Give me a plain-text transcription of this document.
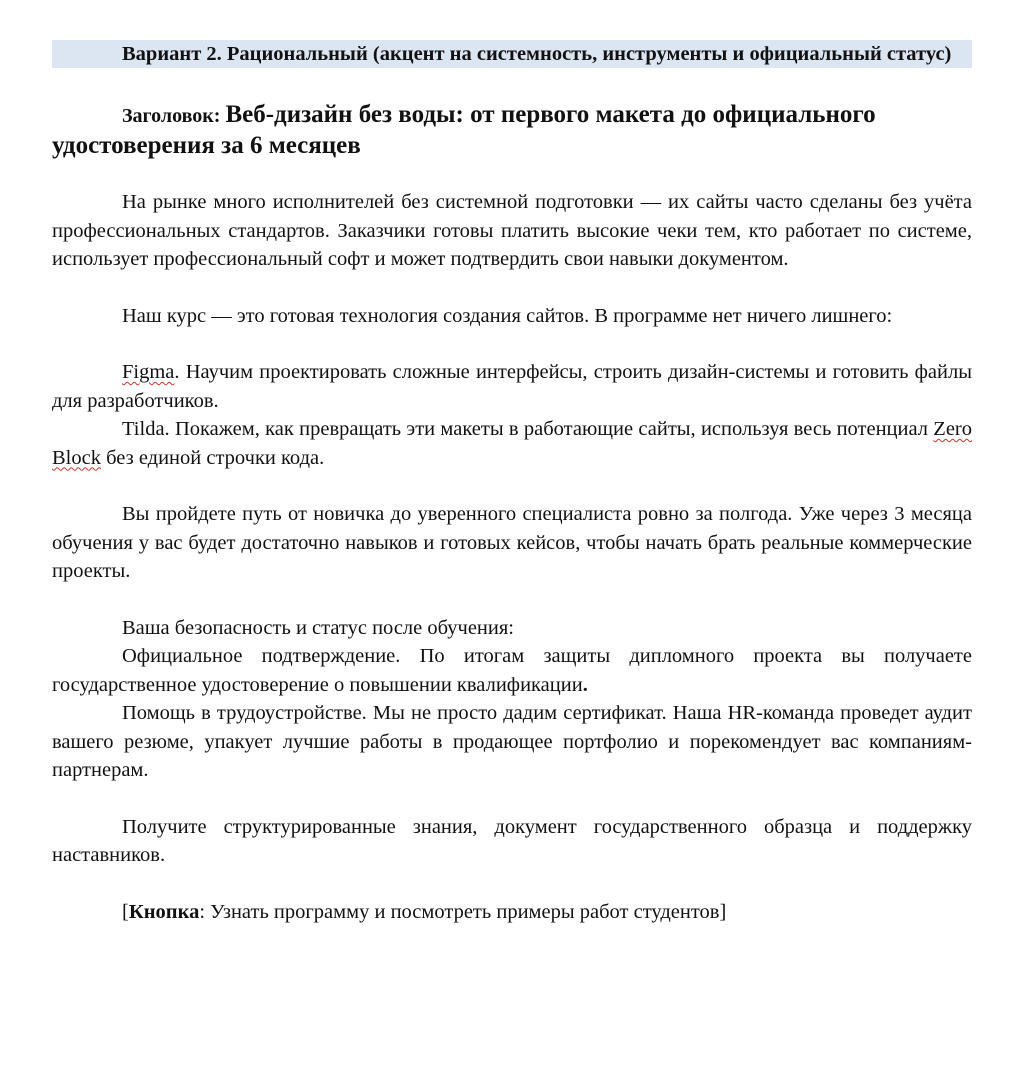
Вариант 2. Рациональный (акцент на системность, инструменты и официальный статус)

Заголовок: Веб-дизайн без воды: от первого макета до официального удостоверения за 6 месяцев

На рынке много исполнителей без системной подготовки — их сайты часто сделаны без учёта профессиональных стандартов. Заказчики готовы платить высокие чеки тем, кто работает по системе, использует профессиональный софт и может подтвердить свои навыки документом.

Наш курс — это готовая технология создания сайтов. В программе нет ничего лишнего:

Figma. Научим проектировать сложные интерфейсы, строить дизайн-системы и готовить файлы для разработчиков.

Tilda. Покажем, как превращать эти макеты в работающие сайты, используя весь потенциал Zero Block без единой строчки кода.

Вы пройдете путь от новичка до уверенного специалиста ровно за полгода. Уже через 3 месяца обучения у вас будет достаточно навыков и готовых кейсов, чтобы начать брать реальные коммерческие проекты.

Ваша безопасность и статус после обучения:

Официальное подтверждение. По итогам защиты дипломного проекта вы получаете государственное удостоверение о повышении квалификации.

Помощь в трудоустройстве. Мы не просто дадим сертификат. Наша HR-команда проведет аудит вашего резюме, упакует лучшие работы в продающее портфолио и порекомендует вас компаниям-партнерам.

Получите структурированные знания, документ государственного образца и поддержку наставников.

[Кнопка: Узнать программу и посмотреть примеры работ студентов]
